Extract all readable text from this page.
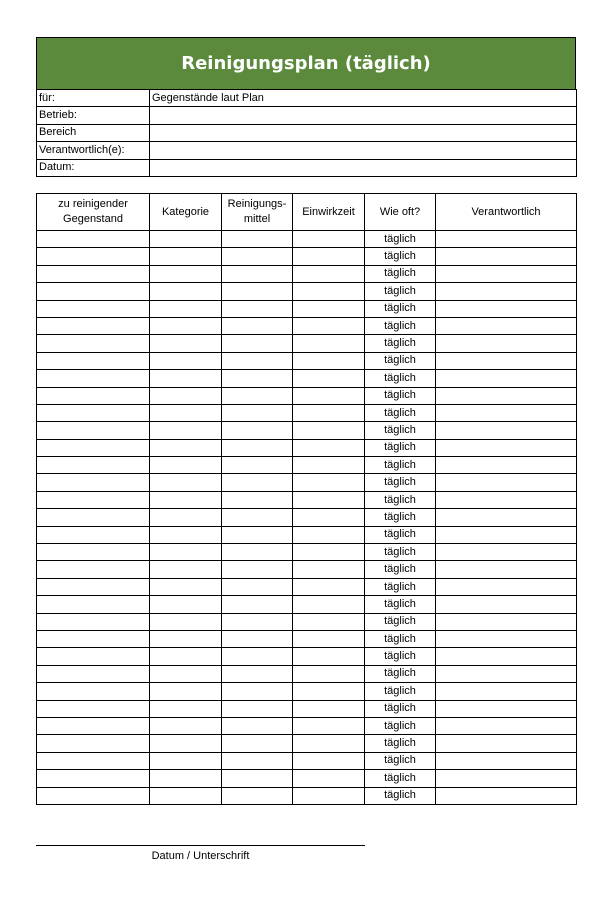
Reinigungsplan (täglich)
für:	Gegenstände laut Plan
Betrieb:	
Bereich	
Verantwortlich(e):	
Datum:	
zu reinigender Gegenstand	Kategorie	Reinigungs-mittel	Einwirkzeit	Wie oft?	Verantwortlich
				täglich	
				täglich	
				täglich	
				täglich	
				täglich	
				täglich	
				täglich	
				täglich	
				täglich	
				täglich	
				täglich	
				täglich	
				täglich	
				täglich	
				täglich	
				täglich	
				täglich	
				täglich	
				täglich	
				täglich	
				täglich	
				täglich	
				täglich	
				täglich	
				täglich	
				täglich	
				täglich	
				täglich	
				täglich	
				täglich	
				täglich	
				täglich	
				täglich	
Datum / Unterschrift
